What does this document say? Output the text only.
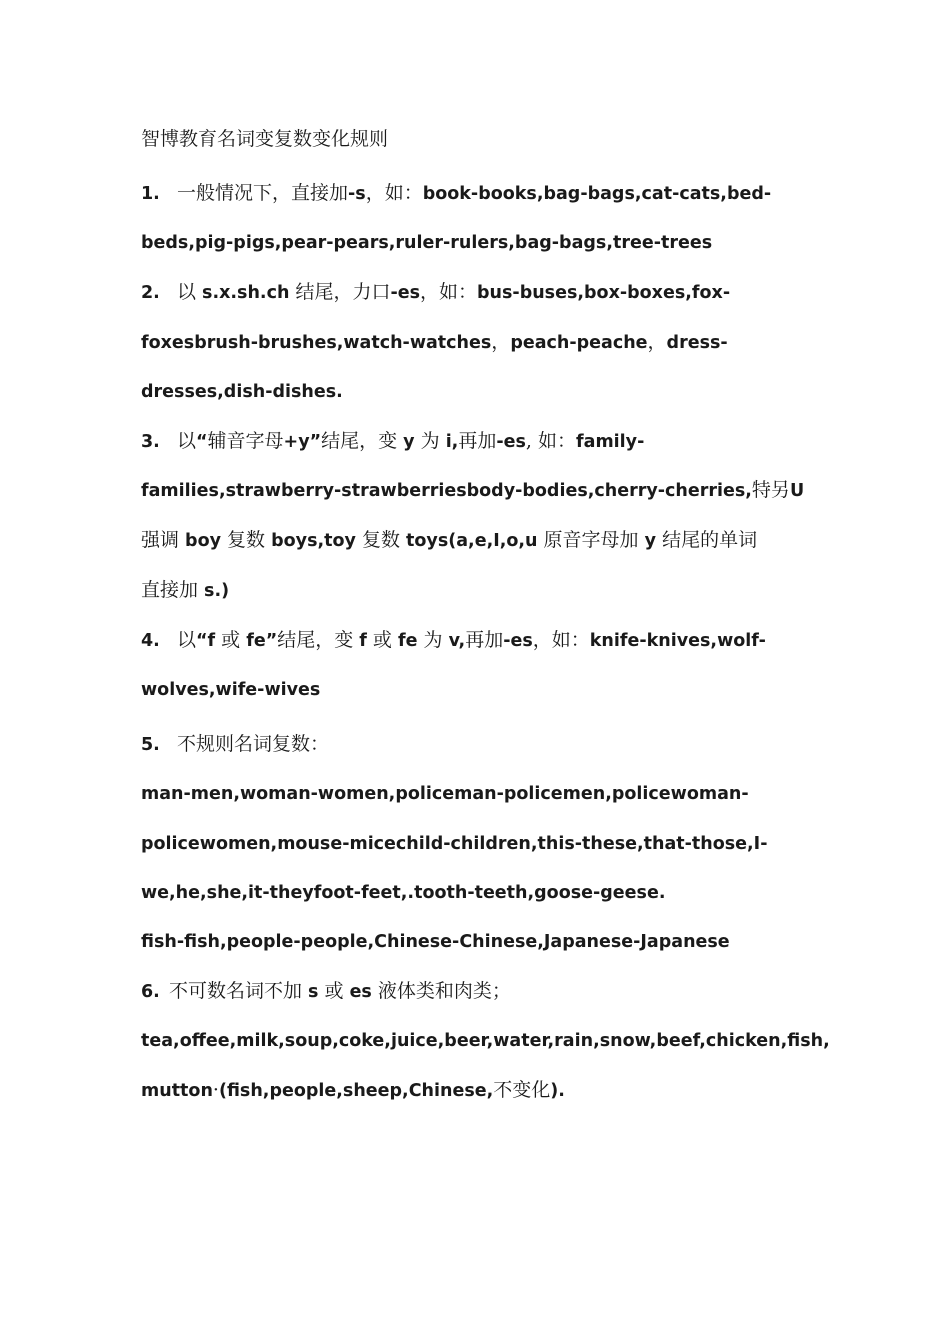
智博教育名词变复数变化规则
1. 一般情况下，直接加-s，如：book-books,bag-bags,cat-cats,bed-
beds,pig-pigs,pear-pears,ruler-rulers,bag-bags,tree-trees
2. 以 s.x.sh.ch 结尾，力口-es，如：bus-buses,box-boxes,fox-
foxesbrush-brushes,watch-watches，peach-peache，dress-
dresses,dish-dishes.
3. 以“辅音字母+y”结尾，变 y 为 i,再加-es, 如：family-
families,strawberry-strawberriesbody-bodies,cherry-cherries,特另U
强调 boy 复数 boys,toy 复数 toys(a,e,I,o,u 原音字母加 y 结尾的单词
直接加 s.)
4. 以“f 或 fe”结尾，变 f 或 fe 为 v,再加-es，如：knife-knives,wolf-
wolves,wife-wives
5. 不规则名词复数：
man-men,woman-women,policeman-policemen,policewoman-
policewomen,mouse-micechild-children,this-these,that-those,I-
we,he,she,it-theyfoot-feet,.tooth-teeth,goose-geese.
fish-fish,people-people,Chinese-Chinese,Japanese-Japanese
6. 不可数名词不加 s 或 es 液体类和肉类；
tea,offee,milk,soup,coke,juice,beer,water,rain,snow,beef,chicken,fish,
mutton·(fish,people,sheep,Chinese,不变化).
